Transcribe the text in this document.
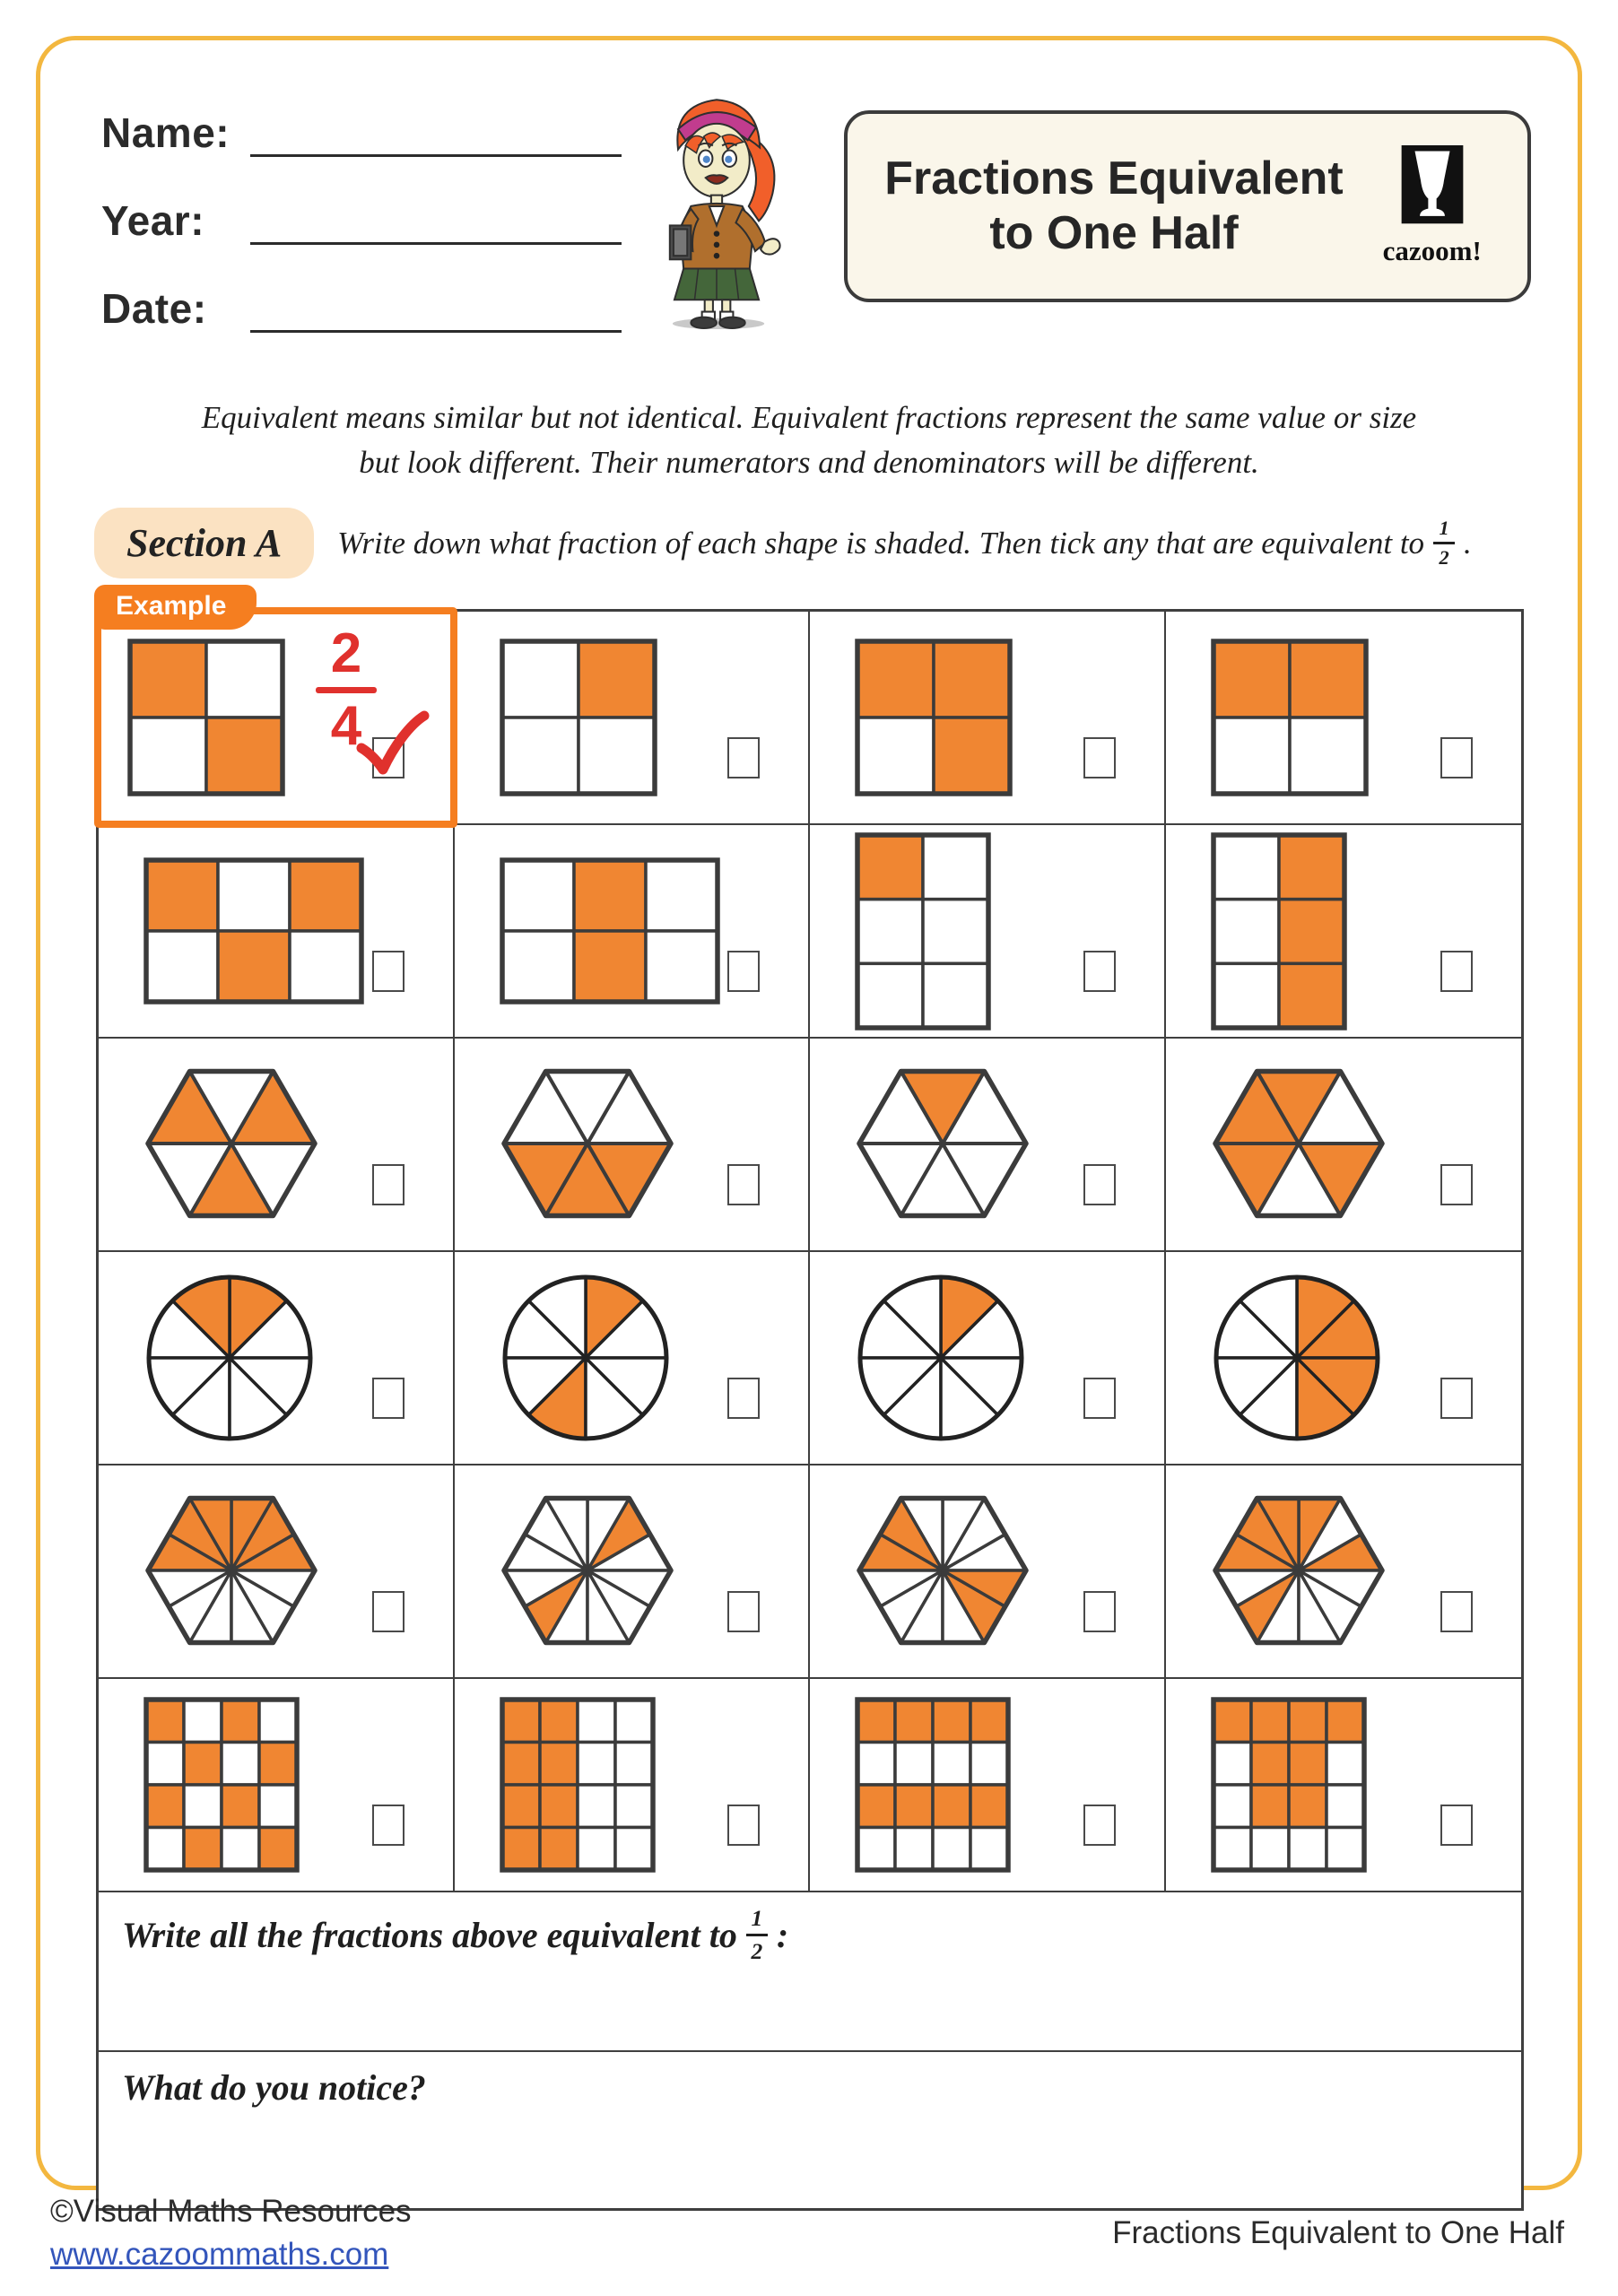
Name:
Year:
Date:
Fractions Equivalent
to One Half	cazoom!
Equivalent means similar but not identical. Equivalent fractions represent the same value or size
but look different. Their numerators and denominators will be different.
Section A	Write down what fraction of each shape is shaded. Then tick any that are equivalent to 1
2 .
Example
2
4
Write all the fractions above equivalent to 1
2 :
What do you notice?
©Visual Maths Resources
www.cazoommaths.com
Fractions Equivalent to One Half
